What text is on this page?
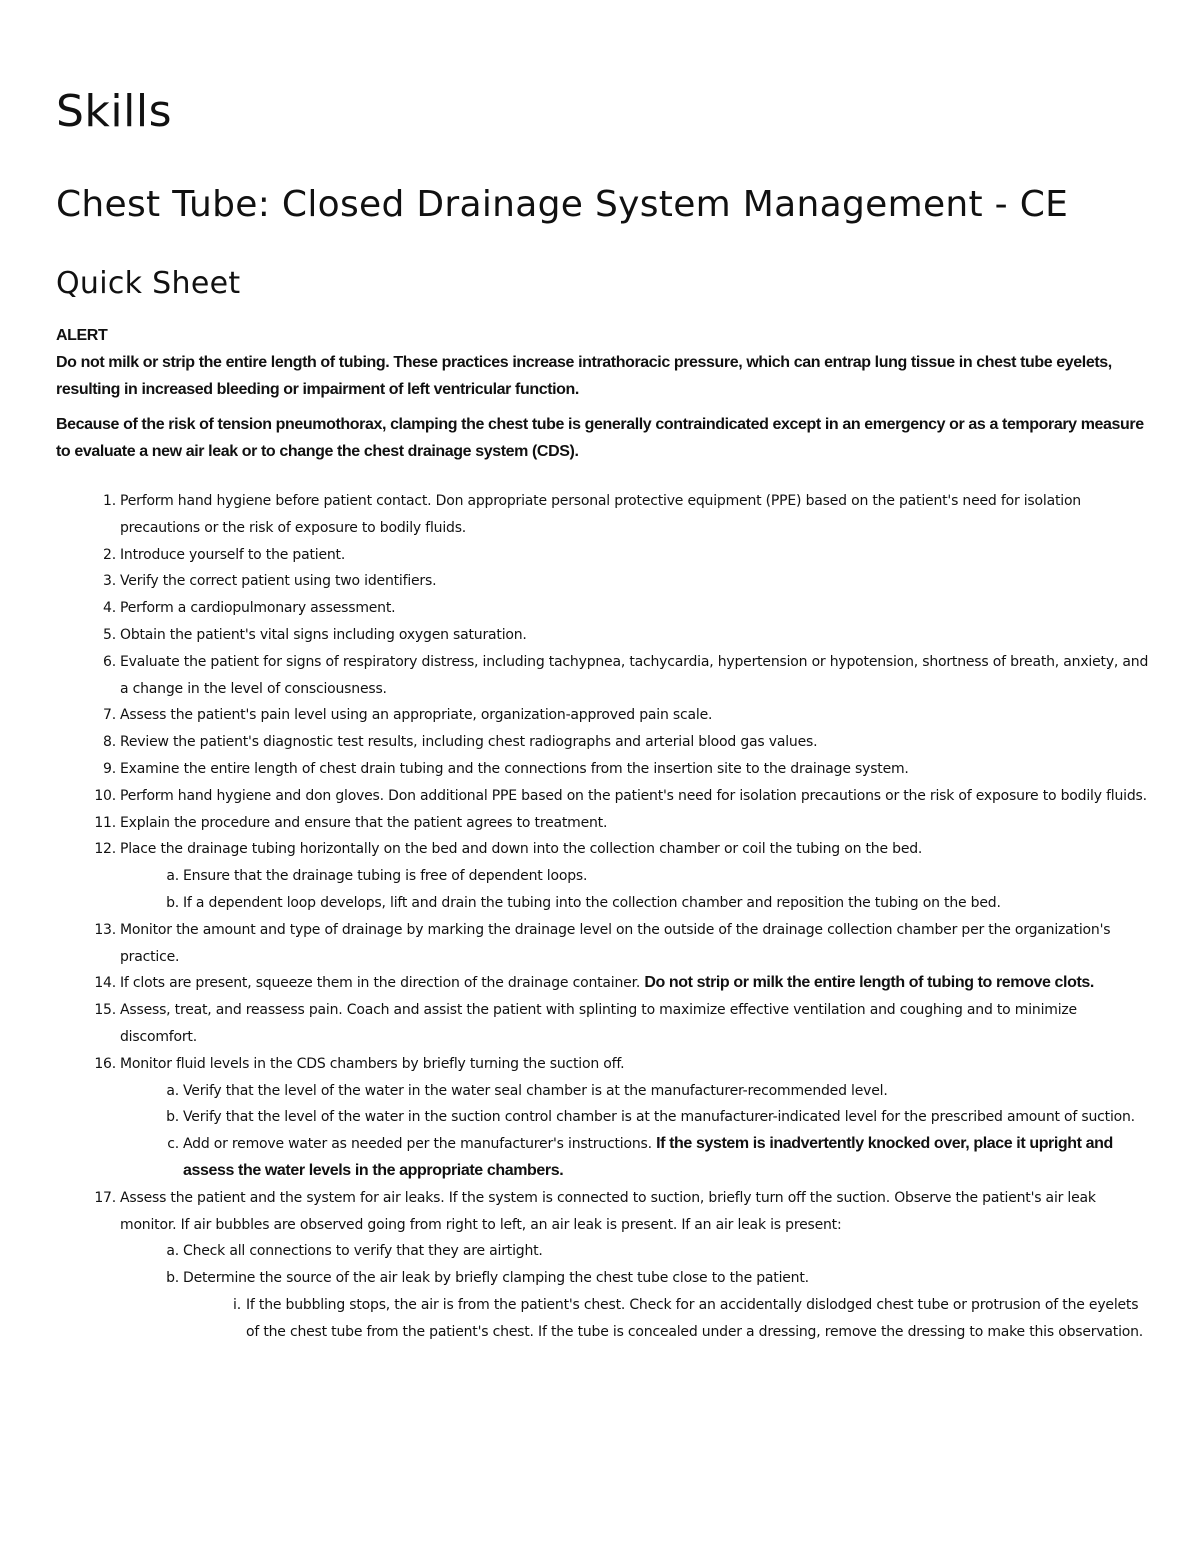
Skills
Chest Tube: Closed Drainage System Management - CE
Quick Sheet

ALERT

Do not milk or strip the entire length of tubing. These practices increase intrathoracic pressure, which can entrap lung tissue in chest tube eyelets, resulting in increased bleeding or impairment of left ventricular function.

Because of the risk of tension pneumothorax, clamping the chest tube is generally contraindicated except in an emergency or as a temporary measure to evaluate a new air leak or to change the chest drainage system (CDS).

1. Perform hand hygiene before patient contact. Don appropriate personal protective equipment (PPE) based on the patient's need for isolation precautions or the risk of exposure to bodily fluids.
2. Introduce yourself to the patient.
3. Verify the correct patient using two identifiers.
4. Perform a cardiopulmonary assessment.
5. Obtain the patient's vital signs including oxygen saturation.
6. Evaluate the patient for signs of respiratory distress, including tachypnea, tachycardia, hypertension or hypotension, shortness of breath, anxiety, and a change in the level of consciousness.
7. Assess the patient's pain level using an appropriate, organization-approved pain scale.
8. Review the patient's diagnostic test results, including chest radiographs and arterial blood gas values.
9. Examine the entire length of chest drain tubing and the connections from the insertion site to the drainage system.
10. Perform hand hygiene and don gloves. Don additional PPE based on the patient's need for isolation precautions or the risk of exposure to bodily fluids.
11. Explain the procedure and ensure that the patient agrees to treatment.
12. Place the drainage tubing horizontally on the bed and down into the collection chamber or coil the tubing on the bed.
a. Ensure that the drainage tubing is free of dependent loops.
b. If a dependent loop develops, lift and drain the tubing into the collection chamber and reposition the tubing on the bed.
13. Monitor the amount and type of drainage by marking the drainage level on the outside of the drainage collection chamber per the organization's practice.
14. If clots are present, squeeze them in the direction of the drainage container. Do not strip or milk the entire length of tubing to remove clots.
15. Assess, treat, and reassess pain. Coach and assist the patient with splinting to maximize effective ventilation and coughing and to minimize discomfort.
16. Monitor fluid levels in the CDS chambers by briefly turning the suction off.
a. Verify that the level of the water in the water seal chamber is at the manufacturer-recommended level.
b. Verify that the level of the water in the suction control chamber is at the manufacturer-indicated level for the prescribed amount of suction.
c. Add or remove water as needed per the manufacturer's instructions. If the system is inadvertently knocked over, place it upright and assess the water levels in the appropriate chambers.
17. Assess the patient and the system for air leaks. If the system is connected to suction, briefly turn off the suction. Observe the patient's air leak monitor. If air bubbles are observed going from right to left, an air leak is present. If an air leak is present:
a. Check all connections to verify that they are airtight.
b. Determine the source of the air leak by briefly clamping the chest tube close to the patient.
i. If the bubbling stops, the air is from the patient's chest. Check for an accidentally dislodged chest tube or protrusion of the eyelets of the chest tube from the patient's chest. If the tube is concealed under a dressing, remove the dressing to make this observation.
